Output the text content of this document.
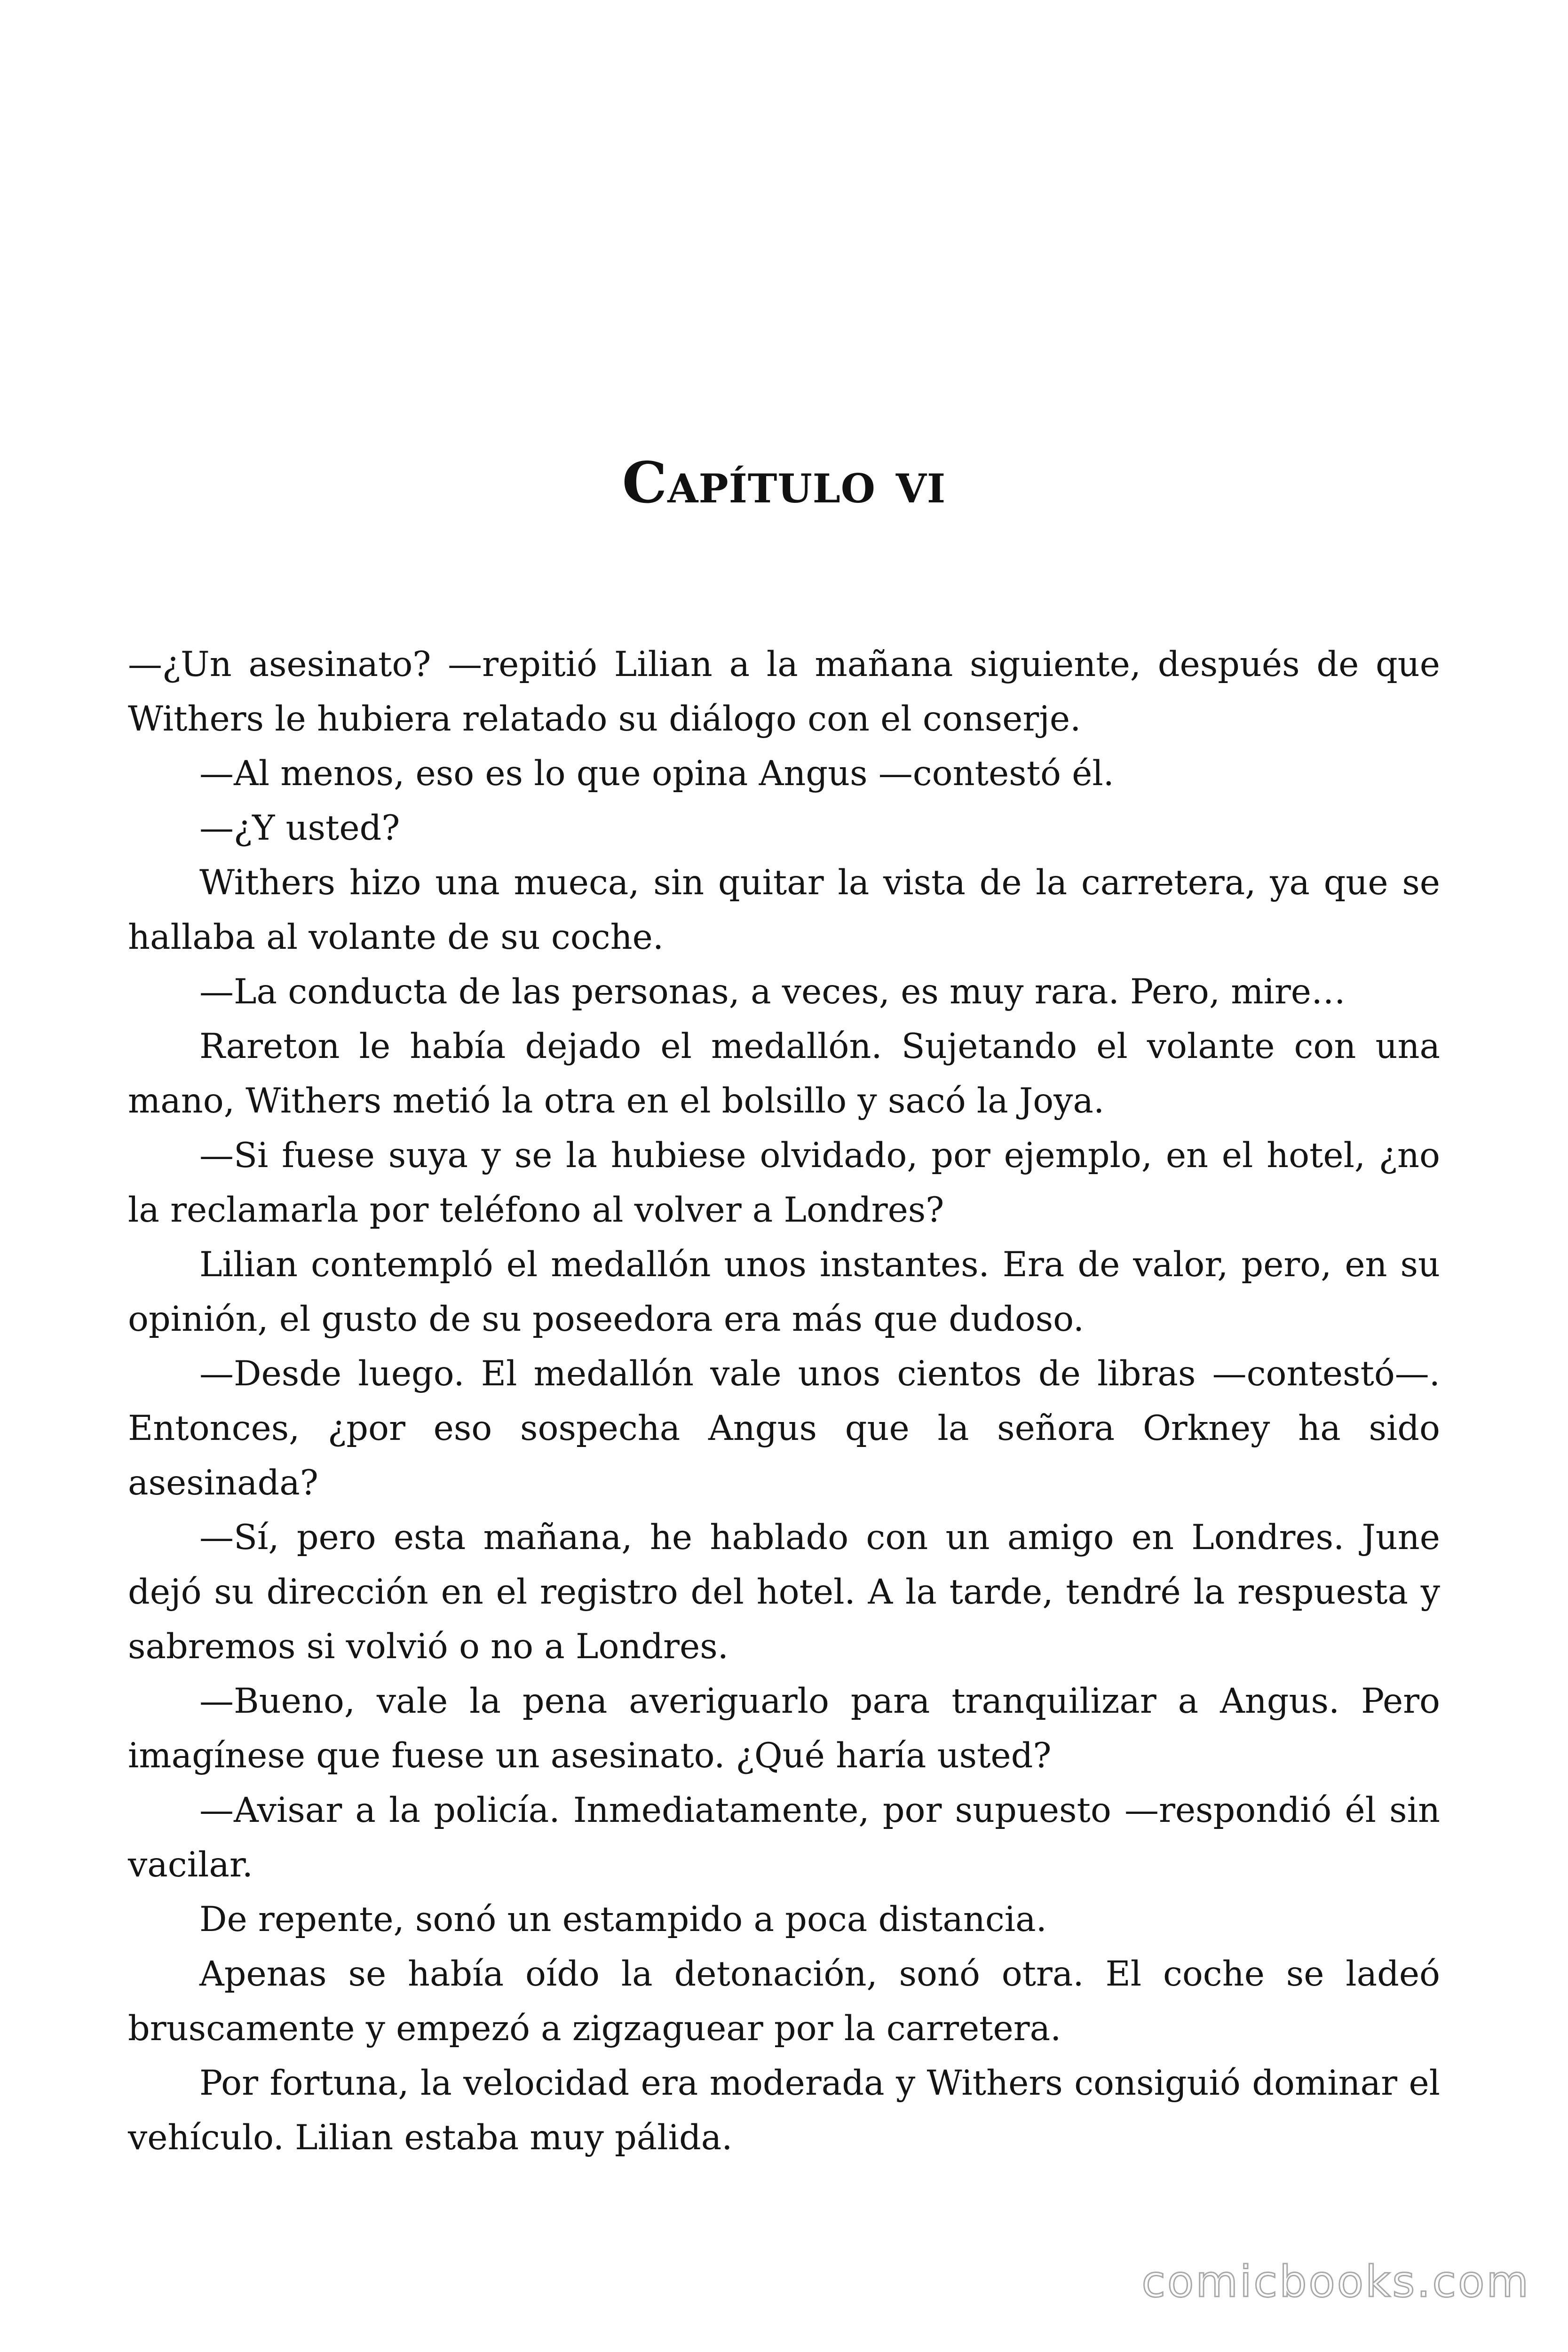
Capítulo vi

—¿Un asesinato? —repitió Lilian a la mañana siguiente, después de que Withers le hubiera relatado su diálogo con el conserje.

—Al menos, eso es lo que opina Angus —contestó él.

—¿Y usted?

Withers hizo una mueca, sin quitar la vista de la carretera, ya que se hallaba al volante de su coche.

—La conducta de las personas, a veces, es muy rara. Pero, mire…

Rareton le había dejado el medallón. Sujetando el volante con una mano, Withers metió la otra en el bolsillo y sacó la Joya.

—Si fuese suya y se la hubiese olvidado, por ejemplo, en el hotel, ¿no la reclamarla por teléfono al volver a Londres?

Lilian contempló el medallón unos instantes. Era de valor, pero, en su opinión, el gusto de su poseedora era más que dudoso.

—Desde luego. El medallón vale unos cientos de libras —contestó—. Entonces, ¿por eso sospecha Angus que la señora Orkney ha sido asesinada?

—Sí, pero esta mañana, he hablado con un amigo en Londres. June dejó su dirección en el registro del hotel. A la tarde, tendré la respuesta y sabremos si volvió o no a Londres.

—Bueno, vale la pena averiguarlo para tranquilizar a Angus. Pero imagínese que fuese un asesinato. ¿Qué haría usted?

—Avisar a la policía. Inmediatamente, por supuesto —respondió él sin vacilar.

De repente, sonó un estampido a poca distancia.

Apenas se había oído la detonación, sonó otra. El coche se ladeó bruscamente y empezó a zigzaguear por la carretera.

Por fortuna, la velocidad era moderada y Withers consiguió dominar el vehículo. Lilian estaba muy pálida.

comicbooks.com
